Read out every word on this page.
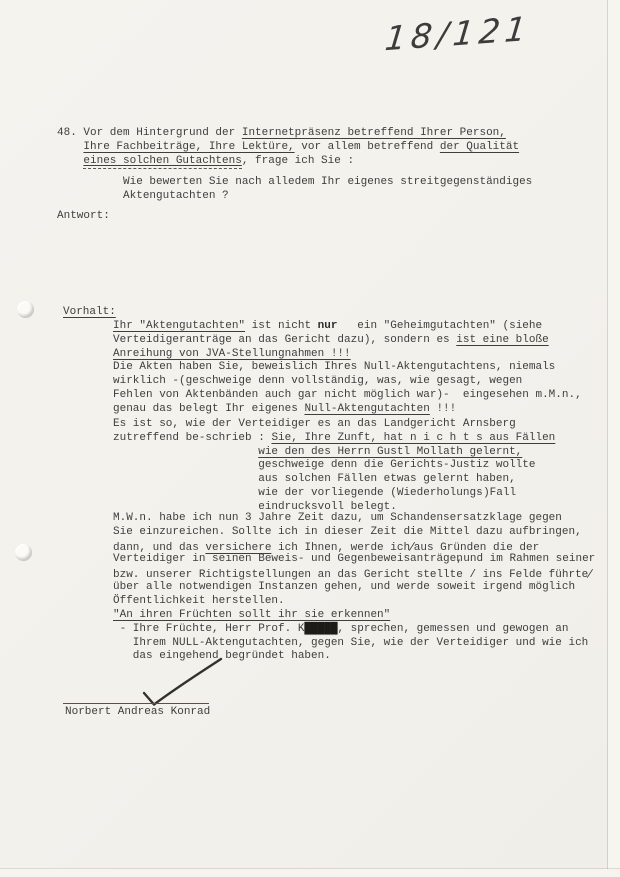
18/121
48. Vor dem Hintergrund der Internetpräsenz betreffend Ihrer Person,
Ihre Fachbeiträge, Ihre Lektüre, vor allem betreffend der Qualität
eines solchen Gutachtens, frage ich Sie :
Wie bewerten Sie nach alledem Ihr eigenes streitgegenständiges
Aktengutachten ?
Antwort:
Vorhalt:
Ihr "Aktengutachten" ist nicht nur   ein "Geheimgutachten" (siehe
Verteidigeranträge an das Gericht dazu), sondern es ist eine bloße
Anreihung von JVA-Stellungnahmen !!!
Die Akten haben Sie, beweislich Ihres Null-Aktengutachtens, niemals
wirklich -(geschweige denn vollständig, was, wie gesagt, wegen
Fehlen von Aktenbänden auch gar nicht möglich war)-  eingesehen m.M.n.,
genau das belegt Ihr eigenes Null-Aktengutachten !!!
Es ist so, wie der Verteidiger es an das Landgericht Arnsberg
zutreffend be-schrieb : Sie, Ihre Zunft, hat n i c h t s aus Fällen
wie den des Herrn Gustl Mollath gelernt,
geschweige denn die Gerichts-Justiz wollte
aus solchen Fällen etwas gelernt haben,
wie der vorliegende (Wiederholungs- )Fall
eindrucksvoll belegt.
M.W.n. habe ich nun 3 Jahre Zeit dazu, um Schandensersatzklage gegen
Sie einzureichen. Sollte ich in dieser Zeit die Mittel dazu aufbringen,
dann, und das versichere ich Ihnen, werde ich/aus Gründen die der
Verteidiger in seinen Beweis- und Gegenbeweisanträgen, und im Rahmen seiner
bzw. unserer Richtigstellungen an das Gericht stellte / ins Felde führte/
über alle notwendigen Instanzen gehen, und werde soweit irgend möglich
Öffentlichkeit herstellen.
"An ihren Früchten sollt ihr sie erkennen"
- Ihre Früchte, Herr Prof. K█████, sprechen, gemessen und gewogen an
Ihrem NULL-Aktengutachten, gegen Sie, wie der Verteidiger und wie ich
das eingehend begründet haben.
Norbert Andreas Konrad
